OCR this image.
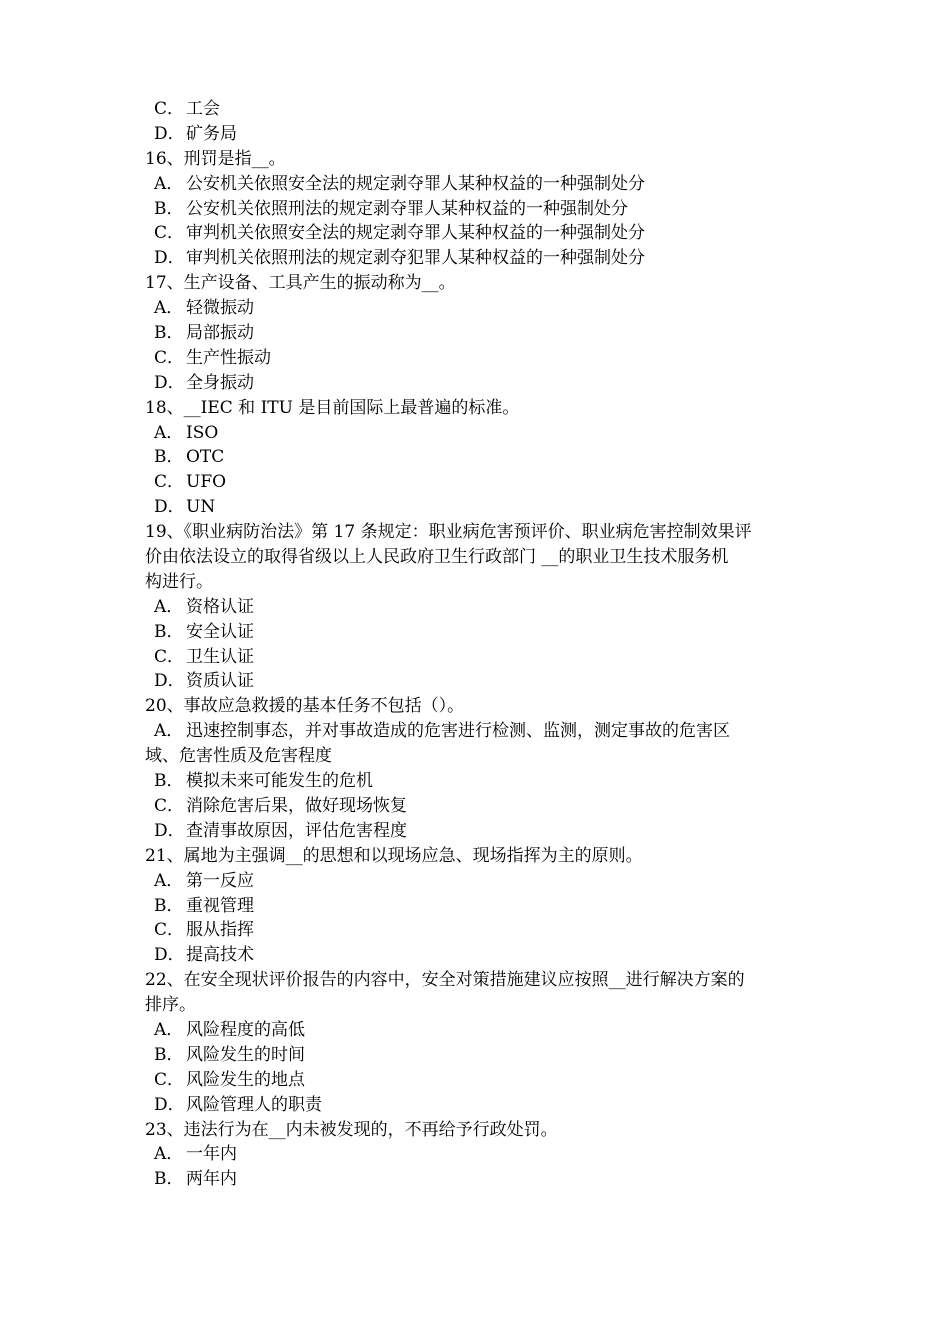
C． 工会
D．矿务局
16、刑罚是指__。
A． 公安机关依照安全法的规定剥夺罪人某种权益的一种强制处分
B． 公安机关依照刑法的规定剥夺罪人某种权益的一种强制处分
C． 审判机关依照安全法的规定剥夺罪人某种权益的一种强制处分
D．审判机关依照刑法的规定剥夺犯罪人某种权益的一种强制处分
17、生产设备、工具产生的振动称为__。
A． 轻微振动
B． 局部振动
C． 生产性振动
D．全身振动
18、__IEC 和 ITU 是目前国际上最普遍的标准。
A． ISO
B． OTC
C． UFO
D．UN
19、《职业病防治法》第 17 条规定：职业病危害预评价、职业病危害控制效果评
价由依法设立的取得省级以上人民政府卫生行政部门 __的职业卫生技术服务机
构进行。
A． 资格认证
B． 安全认证
C． 卫生认证
D．资质认证
20、事故应急救援的基本任务不包括（）。
A． 迅速控制事态，并对事故造成的危害进行检测、监测，测定事故的危害区
域、危害性质及危害程度
B． 模拟未来可能发生的危机
C． 消除危害后果，做好现场恢复
D．查清事故原因，评估危害程度
21、属地为主强调__的思想和以现场应急、现场指挥为主的原则。
A． 第一反应
B． 重视管理
C． 服从指挥
D．提高技术
22、在安全现状评价报告的内容中，安全对策措施建议应按照__进行解决方案的
排序。
A． 风险程度的高低
B． 风险发生的时间
C． 风险发生的地点
D．风险管理人的职责
23、违法行为在__内未被发现的，不再给予行政处罚。
A． 一年内
B． 两年内
